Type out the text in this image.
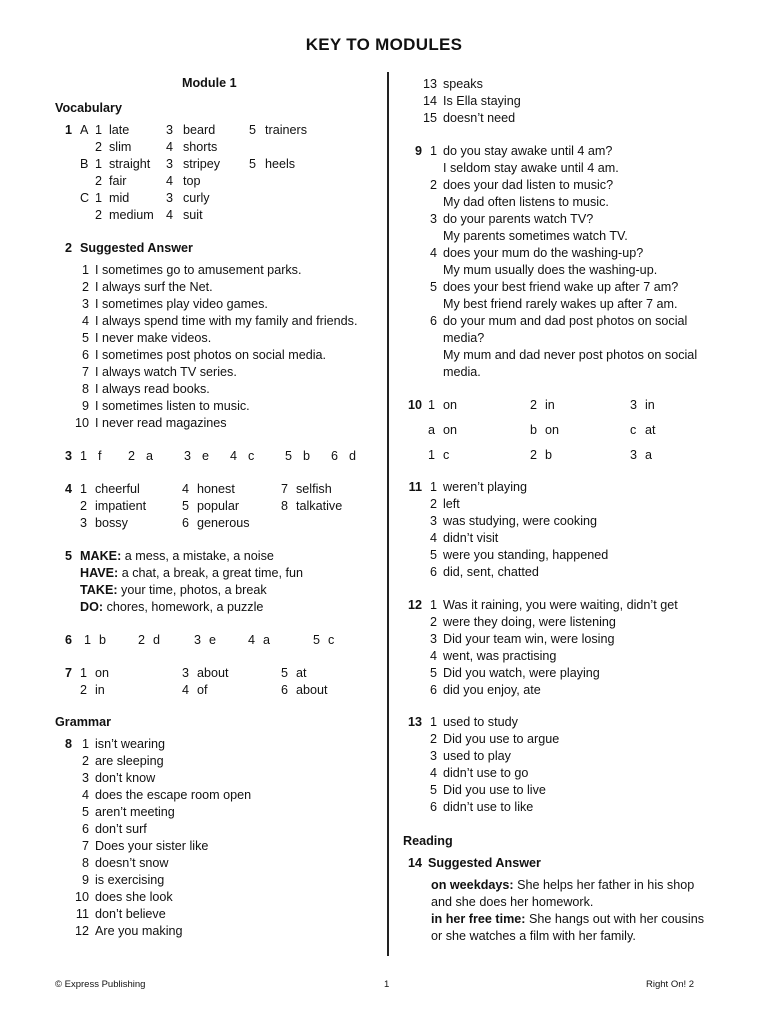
KEY TO MODULES
Module 1
Vocabulary
1 A 1 late	3 beard	5 trainers
2 slim	4 shorts
B 1 straight 3 stripey 5 heels
2 fair	4 top
C 1 mid	3 curly
2 medium 4 suit
2 Suggested Answer
1 I sometimes go to amusement parks.
2 I always surf the Net.
3 I sometimes play video games.
4 I always spend time with my family and friends.
5 I never make videos.
6 I sometimes post photos on social media.
7 I always watch TV series.
8 I always read books.
9 I sometimes listen to music.
10 I never read magazines
3 1 f 2 a 3 e 4 c 5 b 6 d
4 1 cheerful	4 honest	7 selfish
2 impatient	5 popular	8 talkative
3 bossy	6 generous
5 MAKE: a mess, a mistake, a noise
HAVE: a chat, a break, a great time, fun
TAKE: your time, photos, a break
DO: chores, homework, a puzzle
6 1 b	2 d	3 e	4 a	5 c
7 1 on	3 about	5 at
2 in	4 of	6 about
Grammar
8 1 isn’t wearing
2 are sleeping
3 don’t know
4 does the escape room open
5 aren’t meeting
6 don’t surf
7 Does your sister like
8 doesn’t snow
9 is exercising
10 does she look
11 don’t believe
12 Are you making
13 speaks
14 Is Ella staying
15 doesn’t need
9 1 do you stay awake until 4 am?
I seldom stay awake until 4 am.
2 does your dad listen to music?
My dad often listens to music.
3 do your parents watch TV?
My parents sometimes watch TV.
4 does your mum do the washing-up?
My mum usually does the washing-up.
5 does your best friend wake up after 7 am?
My best friend rarely wakes up after 7 am.
6 do your mum and dad post photos on social
media?
My mum and dad never post photos on social
media.
10 1 on	2 in	3 in
a on	b on	c at
1 c	2 b	3 a
11 1 weren’t playing
2 left
3 was studying, were cooking
4 didn’t visit
5 were you standing, happened
6 did, sent, chatted
12 1 Was it raining, you were waiting, didn’t get
2 were they doing, were listening
3 Did your team win, were losing
4 went, was practising
5 Did you watch, were playing
6 did you enjoy, ate
13 1 used to study
2 Did you use to argue
3 used to play
4 didn’t use to go
5 Did you use to live
6 didn’t use to like
Reading
14 Suggested Answer
on weekdays: She helps her father in his shop
and she does her homework.
in her free time: She hangs out with her cousins
or she watches a film with her family.
© Express Publishing	1	Right On! 2
